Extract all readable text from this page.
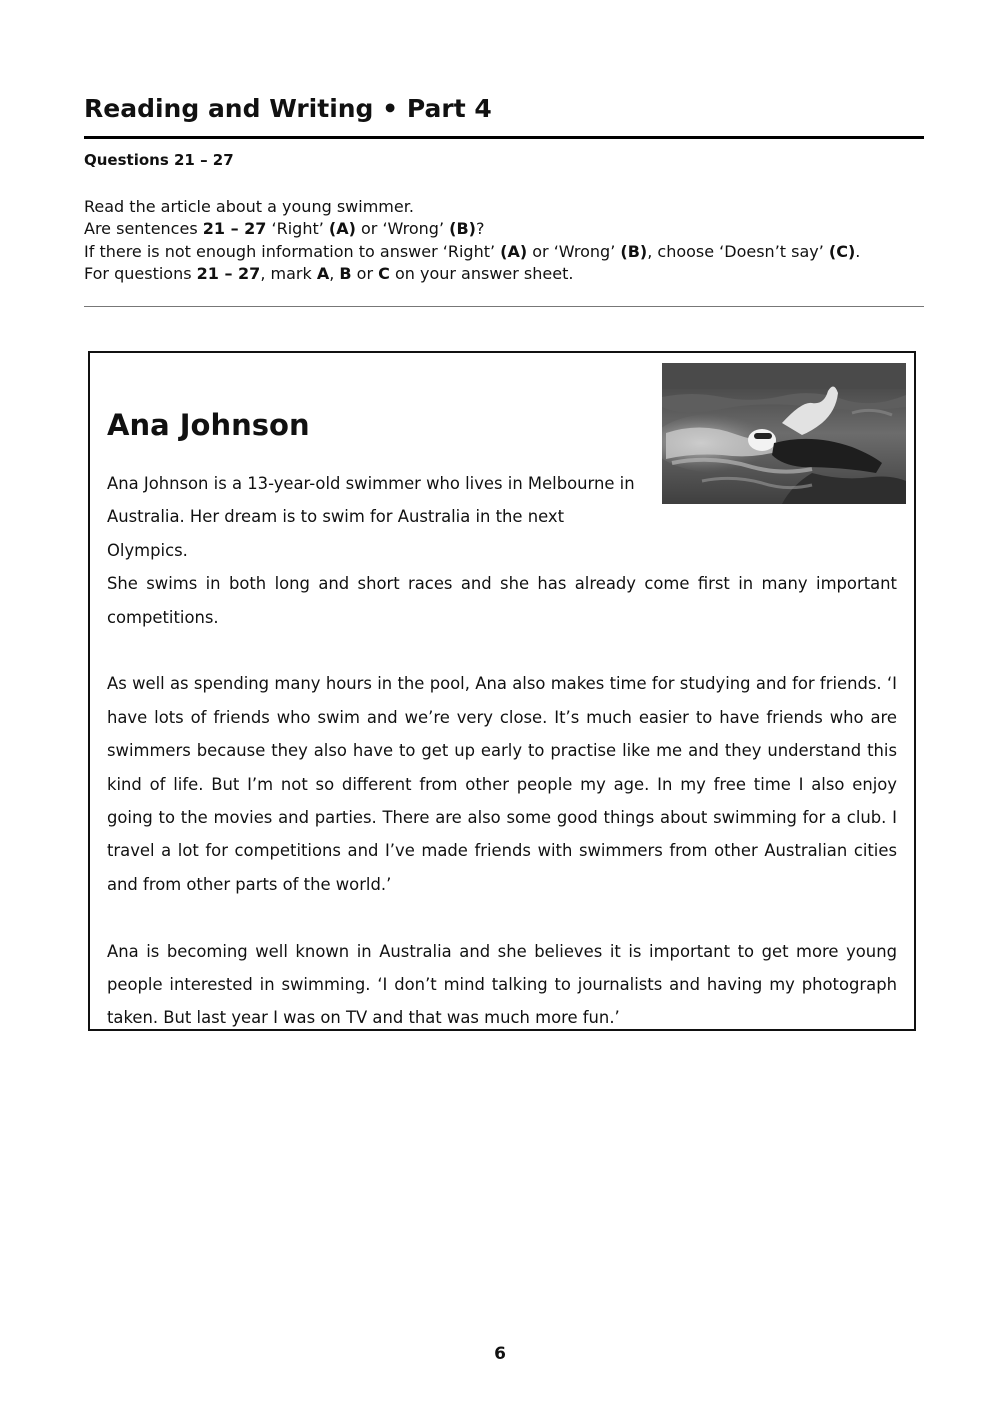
Reading and Writing • Part 4
Questions 21 – 27

Read the article about a young swimmer.

Are sentences 21 – 27 ‘Right’ (A) or ‘Wrong’ (B)?

If there is not enough information to answer ‘Right’ (A) or ‘Wrong’ (B), choose ‘Doesn’t say’ (C).

For questions 21 – 27, mark A, B or C on your answer sheet.

Ana Johnson

Ana Johnson is a 13-year-old swimmer who lives in Melbourne in Australia. Her dream is to swim for Australia in the next Olympics.
She swims in both long and short races and she has already come first in many important competitions.

As well as spending many hours in the pool, Ana also makes time for studying and for friends. ‘I have lots of friends who swim and we’re very close. It’s much easier to have friends who are swimmers because they also have to get up early to practise like me and they understand this kind of life. But I’m not so different from other people my age. In my free time I also enjoy going to the movies and parties. There are also some good things about swimming for a club. I travel a lot for competitions and I’ve made friends with swimmers from other Australian cities and from other parts of the world.’

Ana is becoming well known in Australia and she believes it is important to get more young people interested in swimming. ‘I don’t mind talking to journalists and having my photograph taken. But last year I was on TV and that was much more fun.’

6
